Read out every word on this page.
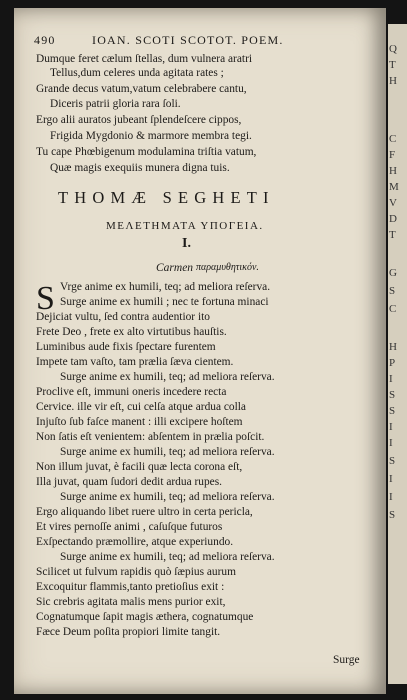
Q
T
H
C
F
H
M
V
D
T
G
S
C
H
P
I
S
S
I
I
S
I
I
S
490	IOAN. SCOTI SCOTOT. POEM.
Dumque feret cælum ſtellas, dum vulnera aratri
Tellus,dum celeres unda agitata rates ;
Grande decus vatum,vatum celebrabere cantu,
Diceris patrii gloria rara ſoli.
Ergo alii auratos jubeant ſplendeſcere cippos,
Frigida Mygdonio & marmore membra tegi.
Tu cape Phœbigenum modulamina triſtia vatum,
Quæ magis exequiis munera digna tuis.
THOMÆ SEGHETI
ΜΕΛΕΤΗΜΑΤΑ ΥΠΟΓΕΙΑ.
I.
Carmen παραμυθητικόν.
S Vrge anime ex humili, teq; ad meliora reſerva.
Surge anime ex humili ; nec te fortuna minaci
Dejiciat vultu, ſed contra audentior ito
Frete Deo , frete ex alto virtutibus hauſtis.
Luminibus aude fixis ſpectare furentem
Impete tam vaſto, tam prælia ſæva cientem.
Surge anime ex humili, teq; ad meliora reſerva.
Proclive eſt, immuni oneris incedere recta
Cervice. ille vir eſt, cui celſa atque ardua colla
Injuſto ſub faſce manent : illi excipere hoſtem
Non ſatis eſt venientem: abſentem in prælia poſcit.
Surge anime ex humili, teq; ad meliora reſerva.
Non illum juvat, è facili quæ lecta corona eſt,
Illa juvat, quam ſudori dedit ardua rupes.
Surge anime ex humili, teq; ad meliora reſerva.
Ergo aliquando libet ruere ultro in certa pericla,
Et vires pernoſſe animi , caſuſque futuros
Exſpectando præmollire, atque experiundo.
Surge anime ex humili, teq; ad meliora reſerva.
Scilicet ut fulvum rapidis quò ſæpius aurum
Excoquitur flammis,tanto pretioſius exit :
Sic crebris agitata malis mens purior exit,
Cognatumque ſapit magis æthera, cognatumque
Fæce Deum poſita propiori limite tangit.
Surge
